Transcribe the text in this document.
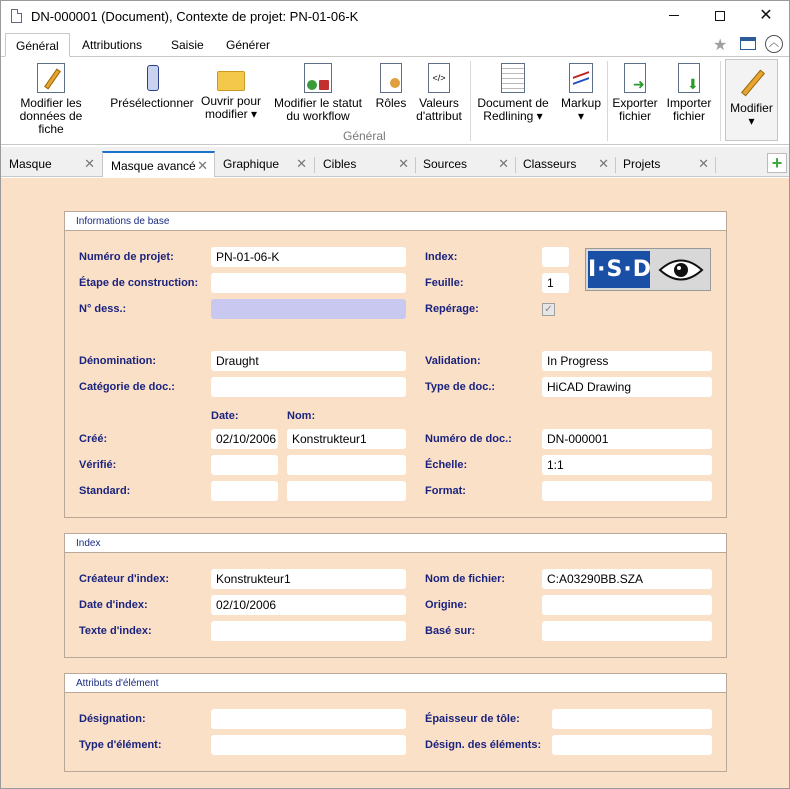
DN-000001 (Document), Contexte de projet: PN-01-06-K	✕
Général	Attributions	Saisie	Générer	★	︿
Modifier les
données de fiche
Présélectionner Ouvrir pour
modifier ▾
Modifier le statut
du workflow
Rôles
</>
Valeurs
d'attribut
Général
Document de
Redlining ▾
Markup
▾
➜
Exporter
fichier
⬇
Importer
fichier
Modifier
▾
Masque ✕	Masque avancé ✕	Graphique ✕	Cibles	✕	Sources ✕	Classeurs ✕	Projets	✕	+
Informations de base
Numéro de projet:	PN-01-06-K
Étape de construction:
N° dess.:
Index:
Feuille:	1
Repérage:	✓
I·S·D
Dénomination:	Draught
Catégorie de doc.:
Validation:	In Progress
Type de doc.:	HiCAD Drawing
Date:	Nom:
Créé:	02/10/2006	Konstrukteur1
Vérifié:
Standard:
Numéro de doc.:	DN-000001
Échelle:	1:1
Format:
Index
Créateur d'index:	Konstrukteur1
Date d'index:	02/10/2006
Texte d'index:
Nom de fichier:	C:A03290BB.SZA
Origine:
Basé sur:
Attributs d'élément
Désignation:
Type d'élément:
Épaisseur de tôle:
Désign. des éléments:
